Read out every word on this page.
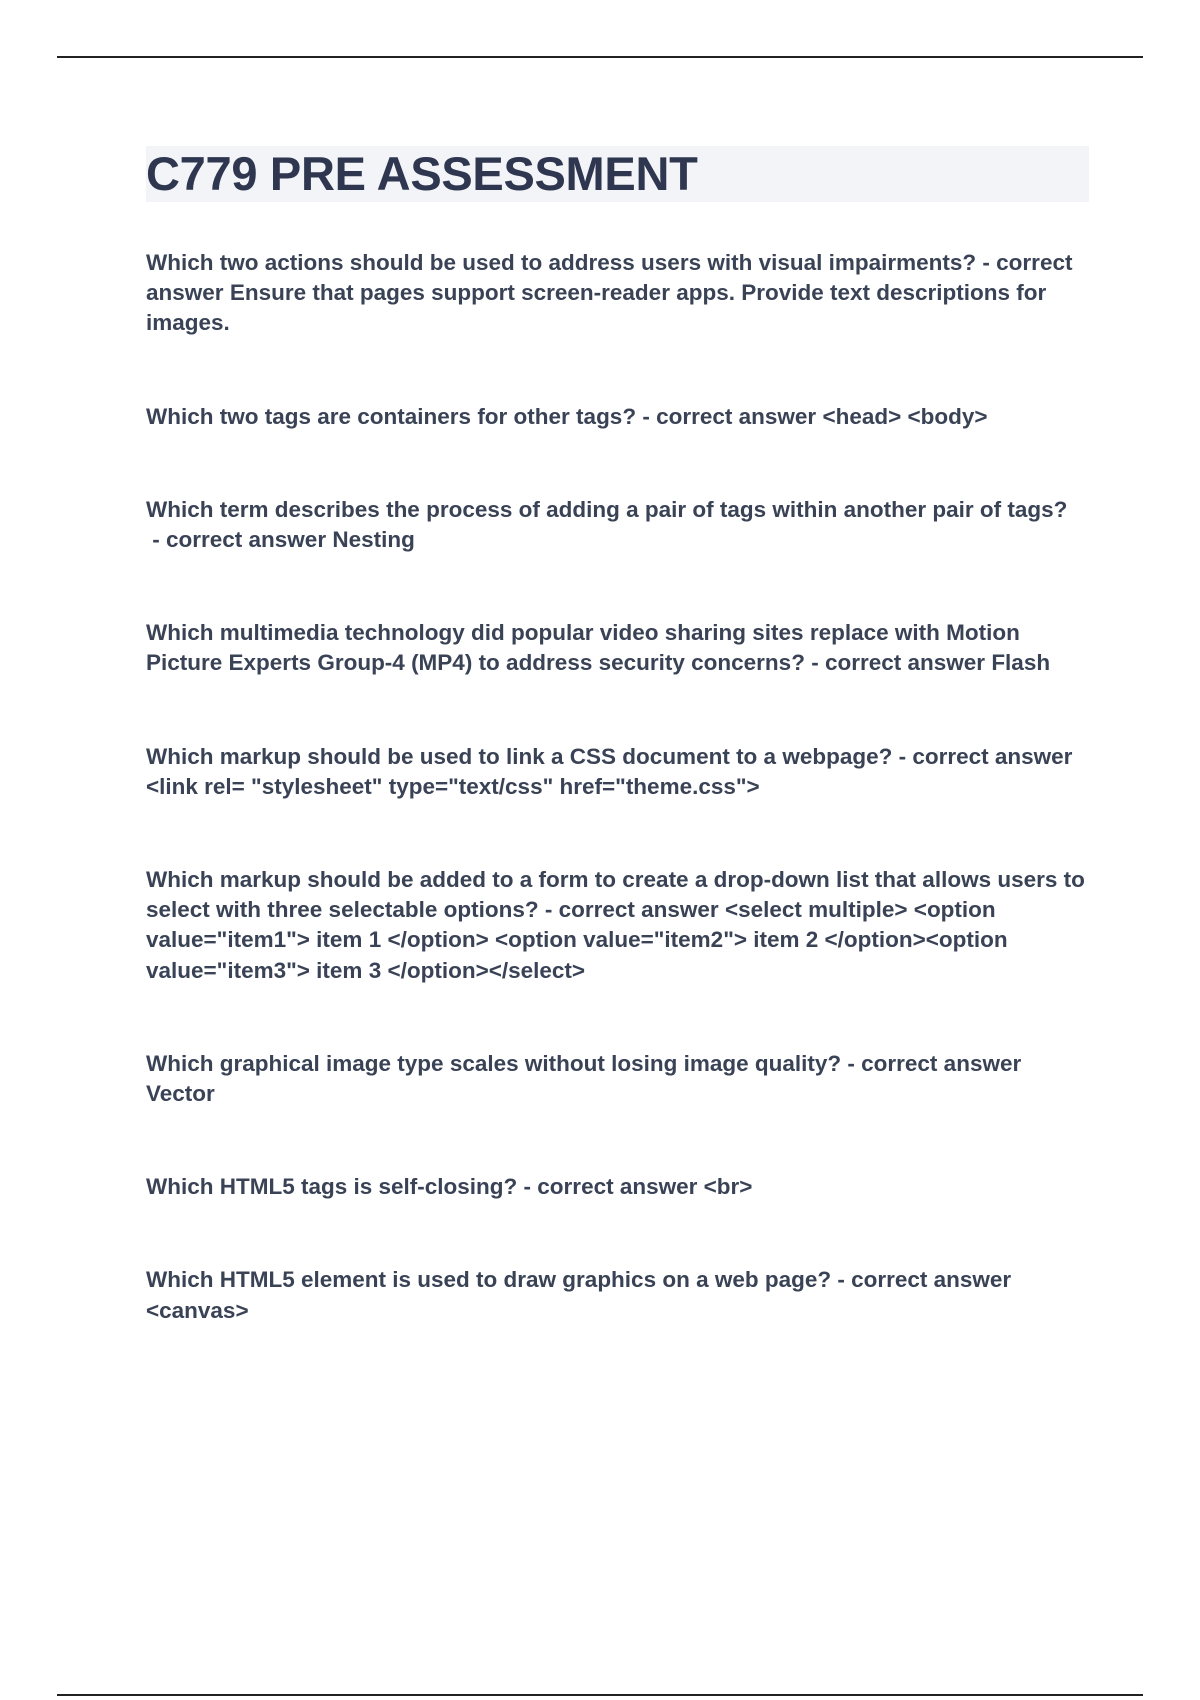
C779 PRE ASSESSMENT

Which two actions should be used to address users with visual impairments? - correct answer Ensure that pages support screen-reader apps. Provide text descriptions for images.

Which two tags are containers for other tags? - correct answer <head> <body>

Which term describes the process of adding a pair of tags within another pair of tags? - correct answer Nesting

Which multimedia technology did popular video sharing sites replace with Motion Picture Experts Group-4 (MP4) to address security concerns? - correct answer Flash

Which markup should be used to link a CSS document to a webpage? - correct answer <link rel= "stylesheet" type="text/css" href="theme.css">

Which markup should be added to a form to create a drop-down list that allows users to select with three selectable options? - correct answer <select multiple> <option value="item1"> item 1 </option> <option value="item2"> item 2 </option><option value="item3"> item 3 </option></select>

Which graphical image type scales without losing image quality? - correct answer Vector

Which HTML5 tags is self-closing? - correct answer <br>

Which HTML5 element is used to draw graphics on a web page? - correct answer <canvas>
